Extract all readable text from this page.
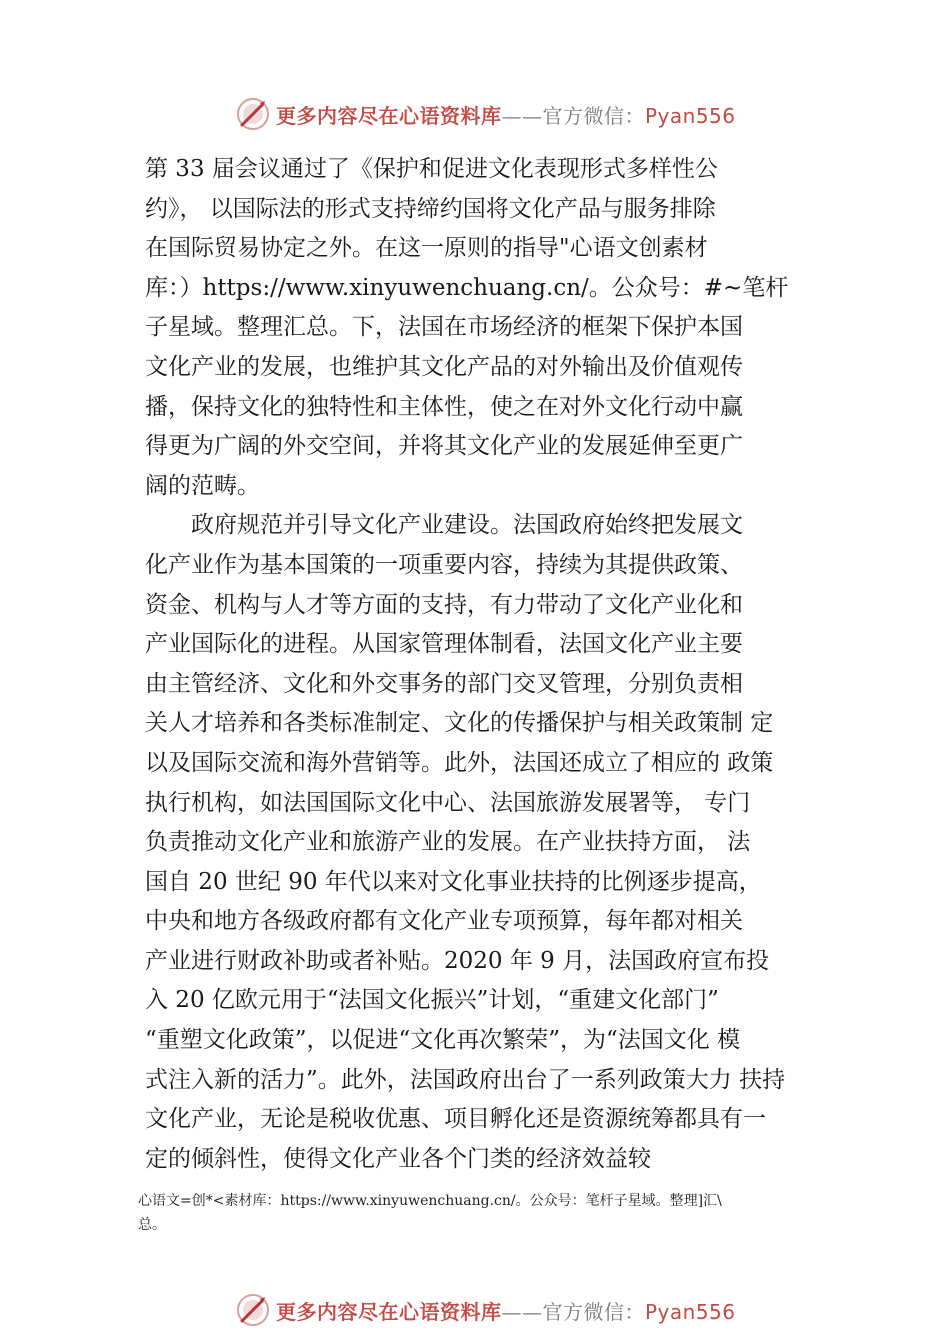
更多内容尽在心语资料库——官方微信：Pyan556
第 33 届会议通过了《保护和促进文化表现形式多样性公
约》， 以国际法的形式支持缔约国将文化产品与服务排除
在国际贸易协定之外。在这一原则的指导"心语文创素材
库：）https://www.xinyuwenchuang.cn/。公众号：#~笔杆
子星域。整理汇总。下，法国在市场经济的框架下保护本国
文化产业的发展，也维护其文化产品的对外输出及价值观传
播，保持文化的独特性和主体性，使之在对外文化行动中赢
得更为广阔的外交空间，并将其文化产业的发展延伸至更广
阔的范畴。
　　政府规范并引导文化产业建设。法国政府始终把发展文
化产业作为基本国策的一项重要内容，持续为其提供政策、
资金、机构与人才等方面的支持，有力带动了文化产业化和
产业国际化的进程。从国家管理体制看，法国文化产业主要
由主管经济、文化和外交事务的部门交叉管理，分别负责相
关人才培养和各类标准制定、文化的传播保护与相关政策制 定
以及国际交流和海外营销等。此外，法国还成立了相应的 政策
执行机构，如法国国际文化中心、法国旅游发展署等， 专门
负责推动文化产业和旅游产业的发展。在产业扶持方面， 法
国自 20 世纪 90 年代以来对文化事业扶持的比例逐步提高，
中央和地方各级政府都有文化产业专项预算，每年都对相关
产业进行财政补助或者补贴。2020 年 9 月，法国政府宣布投
入 20 亿欧元用于“法国文化振兴”计划，“重建文化部门”
“重塑文化政策”，以促进“文化再次繁荣”，为“法国文化 模
式注入新的活力”。此外，法国政府出台了一系列政策大力 扶持
文化产业，无论是税收优惠、项目孵化还是资源统筹都具有一
定的倾斜性，使得文化产业各个门类的经济效益较
心语文=创*<素材库：https://www.xinyuwenchuang.cn/。公众号：笔杆子星域。整理]汇\
总。
更多内容尽在心语资料库——官方微信：Pyan556
